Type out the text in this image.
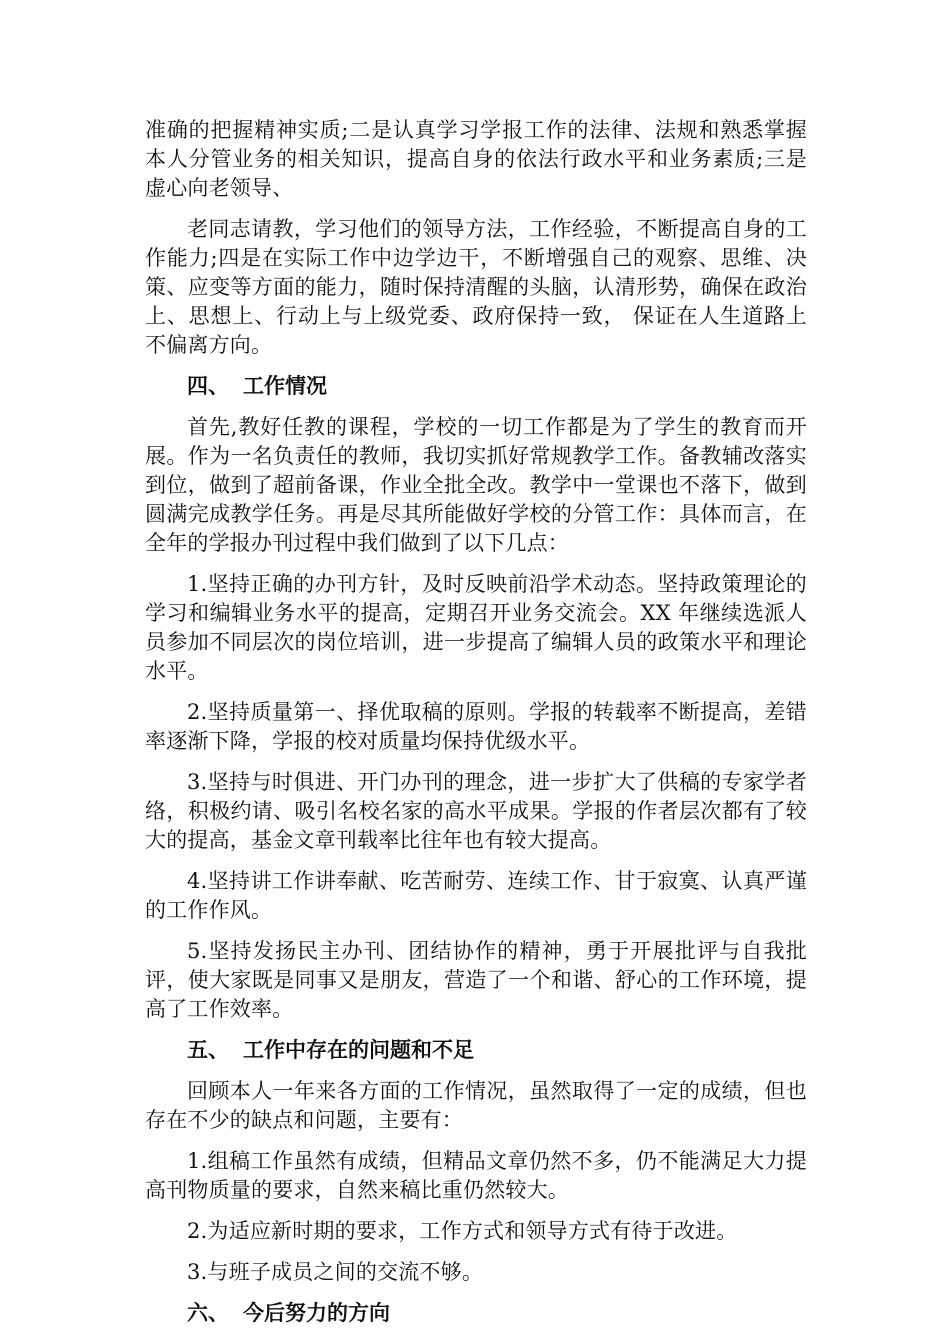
准确的把握精神实质;二是认真学习学报工作的法律、法规和熟悉掌握本人分管业务的相关知识，提高自身的依法行政水平和业务素质;三是虚心向老领导、

老同志请教，学习他们的领导方法，工作经验，不断提高自身的工作能力;四是在实际工作中边学边干，不断增强自己的观察、思维、决策、应变等方面的能力，随时保持清醒的头脑，认清形势，确保在政治上、思想上、行动上与上级党委、政府保持一致， 保证在人生道路上不偏离方向。

四、 工作情况

首先,教好任教的课程，学校的一切工作都是为了学生的教育而开展。作为一名负责任的教师，我切实抓好常规教学工作。备教辅改落实到位，做到了超前备课，作业全批全改。教学中一堂课也不落下，做到圆满完成教学任务。再是尽其所能做好学校的分管工作：具体而言，在全年的学报办刊过程中我们做到了以下几点：

1.坚持正确的办刊方针，及时反映前沿学术动态。坚持政策理论的学习和编辑业务水平的提高，定期召开业务交流会。XX 年继续选派人员参加不同层次的岗位培训，进一步提高了编辑人员的政策水平和理论水平。

2.坚持质量第一、择优取稿的原则。学报的转载率不断提高，差错率逐渐下降，学报的校对质量均保持优级水平。

3.坚持与时俱进、开门办刊的理念，进一步扩大了供稿的专家学者络，积极约请、吸引名校名家的高水平成果。学报的作者层次都有了较大的提高，基金文章刊载率比往年也有较大提高。

4.坚持讲工作讲奉献、吃苦耐劳、连续工作、甘于寂寞、认真严谨的工作作风。

5.坚持发扬民主办刊、团结协作的精神，勇于开展批评与自我批评，使大家既是同事又是朋友，营造了一个和谐、舒心的工作环境，提高了工作效率。

五、 工作中存在的问题和不足

回顾本人一年来各方面的工作情况，虽然取得了一定的成绩，但也存在不少的缺点和问题，主要有：

1.组稿工作虽然有成绩，但精品文章仍然不多，仍不能满足大力提高刊物质量的要求，自然来稿比重仍然较大。

2.为适应新时期的要求，工作方式和领导方式有待于改进。

3.与班子成员之间的交流不够。

六、 今后努力的方向
